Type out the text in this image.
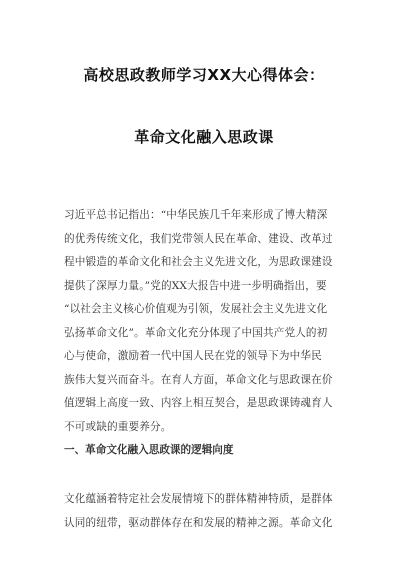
高校思政教师学习XX大心得体会：
革命文化融入思政课
习近平总书记指出：“中华民族几千年来形成了博大精深
的优秀传统文化，我们党带领人民在革命、建设、改革过
程中锻造的革命文化和社会主义先进文化，为思政课建设
提供了深厚力量。”党的XX大报告中进一步明确指出，要
“以社会主义核心价值观为引领，发展社会主义先进文化
弘扬革命文化”。革命文化充分体现了中国共产党人的初
心与使命，激励着一代中国人民在党的领导下为中华民
族伟大复兴而奋斗。在育人方面，革命文化与思政课在价
值逻辑上高度一致、内容上相互契合，是思政课铸魂育人
不可或缺的重要养分。
一、革命文化融入思政课的逻辑向度
文化蕴涵着特定社会发展情境下的群体精神特质，是群体
认同的纽带，驱动群体存在和发展的精神之源。革命文化
